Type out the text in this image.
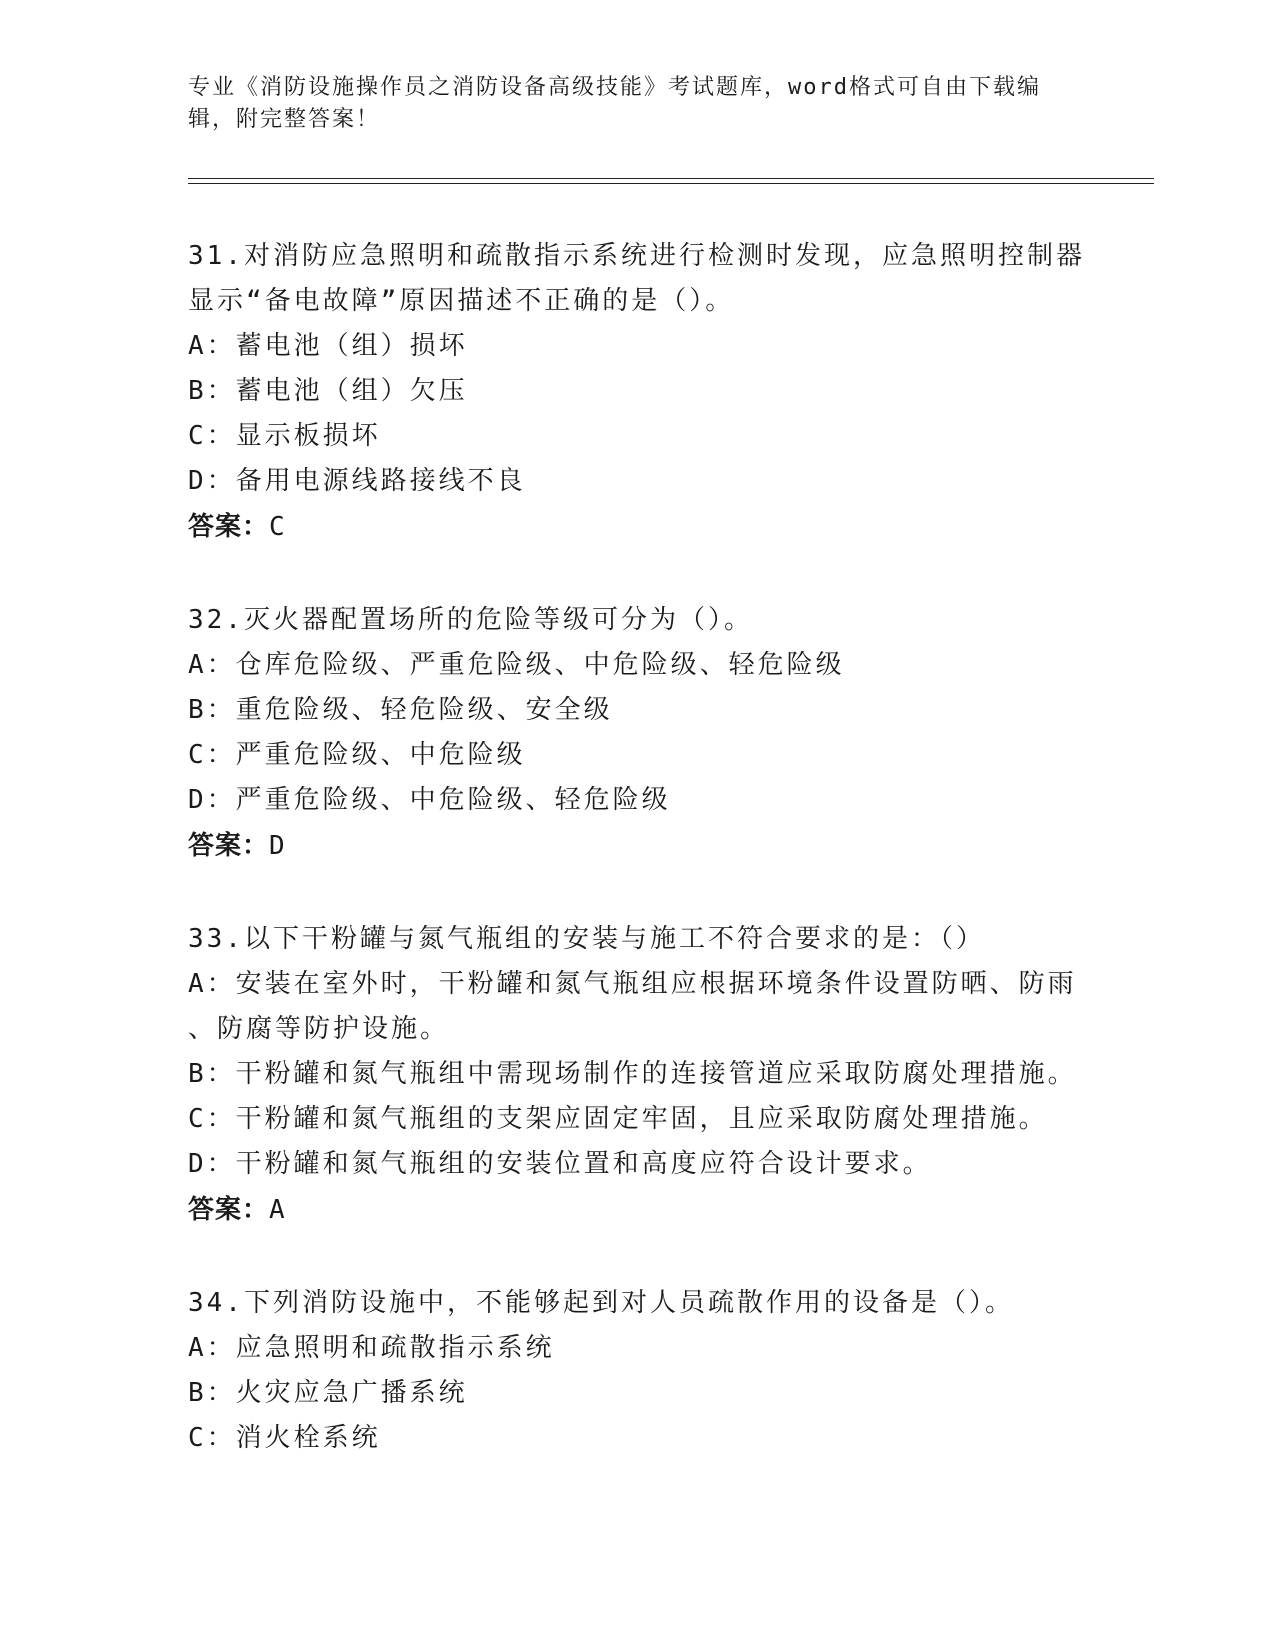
专业《消防设施操作员之消防设备高级技能》考试题库，word格式可自由下载编
辑，附完整答案！
31.对消防应急照明和疏散指示系统进行检测时发现，应急照明控制器
显示“备电故障”原因描述不正确的是（）。
A：蓄电池（组）损坏
B：蓄电池（组）欠压
C：显示板损坏
D：备用电源线路接线不良
答案：C
32.灭火器配置场所的危险等级可分为（）。
A：仓库危险级、严重危险级、中危险级、轻危险级
B：重危险级、轻危险级、安全级
C：严重危险级、中危险级
D：严重危险级、中危险级、轻危险级
答案：D
33.以下干粉罐与氮气瓶组的安装与施工不符合要求的是：（）
A：安装在室外时，干粉罐和氮气瓶组应根据环境条件设置防晒、防雨
、防腐等防护设施。
B：干粉罐和氮气瓶组中需现场制作的连接管道应采取防腐处理措施。
C：干粉罐和氮气瓶组的支架应固定牢固，且应采取防腐处理措施。
D：干粉罐和氮气瓶组的安装位置和高度应符合设计要求。
答案：A
34.下列消防设施中，不能够起到对人员疏散作用的设备是（）。
A：应急照明和疏散指示系统
B：火灾应急广播系统
C：消火栓系统
